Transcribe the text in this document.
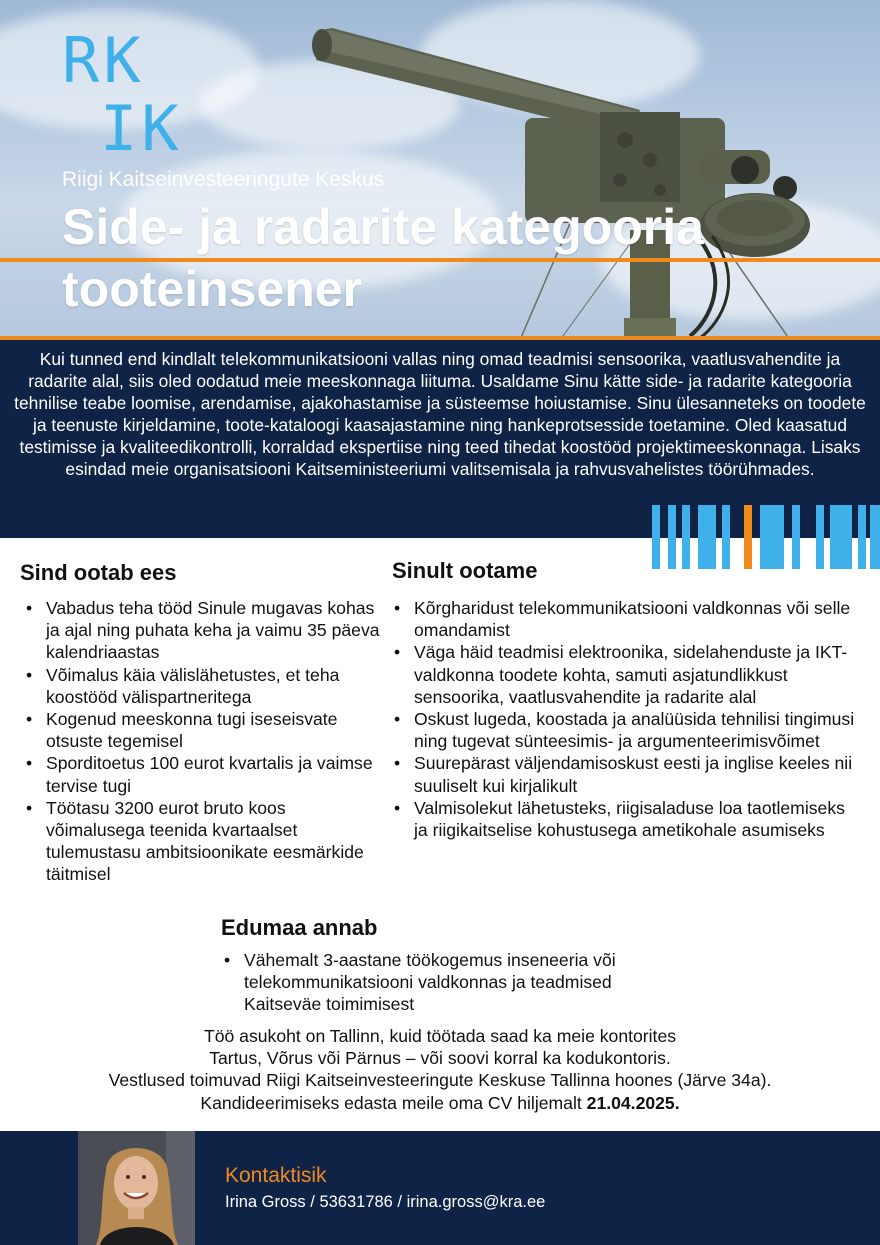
RK
IK
Riigi Kaitseinvesteeringute Keskus
Side- ja radarite kategooria
tooteinsener

Kui tunned end kindlalt telekommunikatsiooni vallas ning omad teadmisi sensoorika, vaatlusvahendite ja radarite alal, siis oled oodatud meie meeskonnaga liituma. Usaldame Sinu kätte side- ja radarite kategooria tehnilise teabe loomise, arendamise, ajakohastamise ja süsteemse hoiustamise. Sinu ülesanneteks on toodete ja teenuste kirjeldamine, toote-kataloogi kaasajastamine ning hankeprotsesside toetamine. Oled kaasatud testimisse ja kvaliteedikontrolli, korraldad ekspertiise ning teed tihedat koostööd projektimeeskonnaga. Lisaks esindad meie organisatsiooni Kaitseministeeriumi valitsemisala ja rahvusvahelistes töörühmades.

Sind ootab ees
• Vabadus teha tööd Sinule mugavas kohas ja ajal ning puhata keha ja vaimu 35 päeva kalendriaastas
• Võimalus käia välislähetustes, et teha koostööd välispartneritega
• Kogenud meeskonna tugi iseseisvate otsuste tegemisel
• Sporditoetus 100 eurot kvartalis ja vaimse tervise tugi
• Töötasu 3200 eurot bruto koos võimalusega teenida kvartaalset tulemustasu ambitsioonikate eesmärkide täitmisel
Sinult ootame
• Kõrgharidust telekommunikatsiooni valdkonnas või selle omandamist
• Väga häid teadmisi elektroonika, sidelahenduste ja IKT-valdkonna toodete kohta, samuti asjatundlikkust sensoorika, vaatlusvahendite ja radarite alal
• Oskust lugeda, koostada ja analüüsida tehnilisi tingimusi ning tugevat sünteesimis- ja argumenteerimisvõimet
• Suurepärast väljendamisoskust eesti ja inglise keeles nii suuliselt kui kirjalikult
• Valmisolekut lähetusteks, riigisaladuse loa taotlemiseks ja riigikaitselise kohustusega ametikohale asumiseks
Edumaa annab
• Vähemalt 3-aastane töökogemus inseneeria või telekommunikatsiooni valdkonnas ja teadmised Kaitseväe toimimisest
Töö asukoht on Tallinn, kuid töötada saad ka meie kontorites
Tartus, Võrus või Pärnus – või soovi korral ka kodukontoris.
Vestlused toimuvad Riigi Kaitseinvesteeringute Keskuse Tallinna hoones (Järve 34a).
Kandideerimiseks edasta meile oma CV hiljemalt 21.04.2025.
Kontaktisik
Irina Gross / 53631786 / irina.gross@kra.ee
